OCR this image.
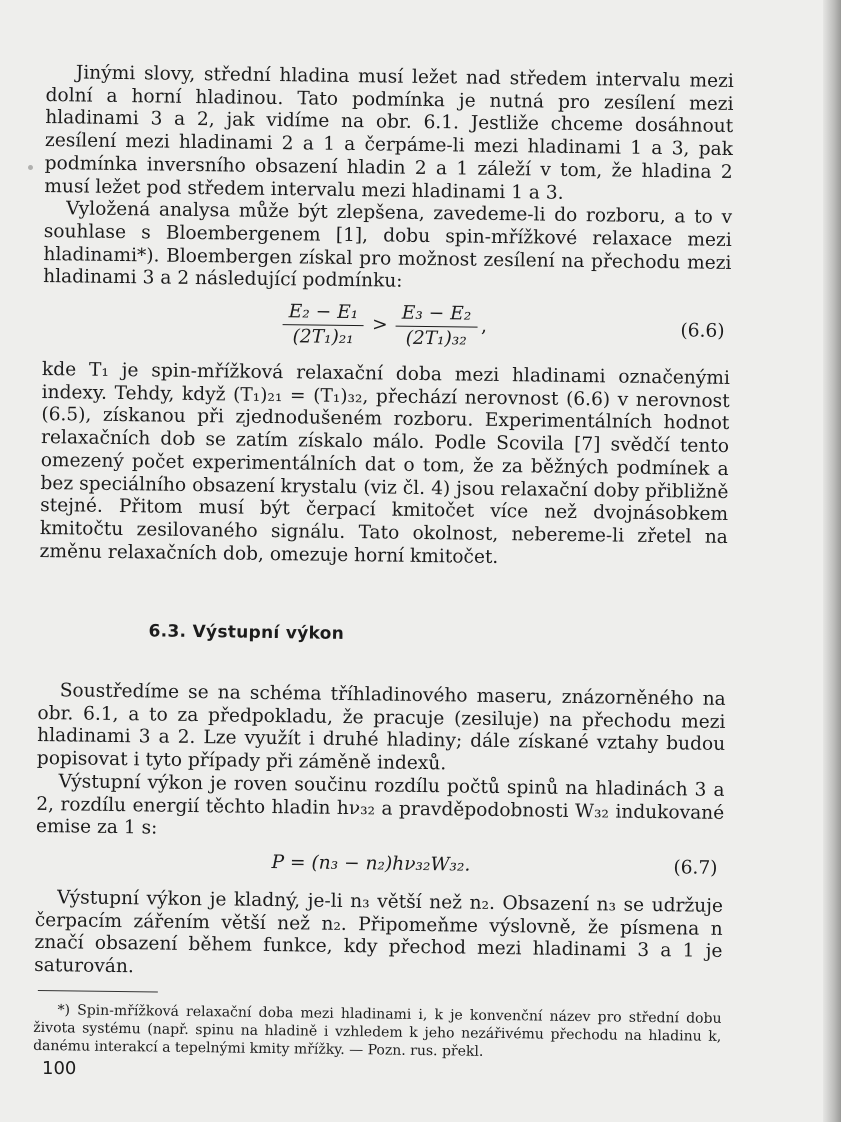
Jinými slovy, střední hladina musí ležet nad středem intervalu mezi dolní a horní hladinou. Tato podmínka je nutná pro zesílení mezi hladinami 3 a 2, jak vidíme na obr. 6.1. Jestliže chceme dosáhnout zesílení mezi hladinami 2 a 1 a čerpáme-li mezi hladinami 1 a 3, pak podmínka inversního obsazení hladin 2 a 1 záleží v tom, že hladina 2 musí ležet pod středem intervalu mezi hladinami 1 a 3.

Vyložená analysa může být zlepšena, zavedeme-li do rozboru, a to v souhlase s Bloembergenem [1], dobu spin-mřížkové relaxace mezi hladinami*). Bloembergen získal pro možnost zesílení na přechodu mezi hladinami 3 a 2 následující podmínku:

$\frac{\text{E₂ − E₁}}{\text{(2T₁)₂₁}} > \frac{\text{E₃ − E₂}}{\text{(2T₁)₃₂}}$ ,	(6.6)

kde T₁ je spin-mřížková relaxační doba mezi hladinami označenými indexy. Tehdy, když (T₁)₂₁ = (T₁)₃₂, přechází nerovnost (6.6) v nerovnost (6.5), získanou při zjednodušeném rozboru. Experimentálních hodnot relaxačních dob se zatím získalo málo. Podle Scovila [7] svědčí tento omezený počet experimentálních dat o tom, že za běžných podmínek a bez speciálního obsazení krystalu (viz čl. 4) jsou relaxační doby přibližně stejné. Přitom musí být čerpací kmitočet více než dvojnásobkem kmitočtu zesilovaného signálu. Tato okolnost, nebereme-li zřetel na změnu relaxačních dob, omezuje horní kmitočet.

6.3. Výstupní výkon

Soustředíme se na schéma tříhladinového maseru, znázorněného na obr. 6.1, a to za předpokladu, že pracuje (zesiluje) na přechodu mezi hladinami 3 a 2. Lze využít i druhé hladiny; dále získané vztahy budou popisovat i tyto případy při záměně indexů.

Výstupní výkon je roven součinu rozdílu počtů spinů na hladinách 3 a 2, rozdílu energií těchto hladin hν₃₂ a pravděpodobnosti W₃₂ indukované emise za 1 s:

P = (n₃ − n₂)hν₃₂W₃₂.	(6.7)

Výstupní výkon je kladný, je-li n₃ větší než n₂. Obsazení n₃ se udržuje čerpacím zářením větší než n₂. Připomeňme výslovně, že písmena n značí obsazení během funkce, kdy přechod mezi hladinami 3 a 1 je saturován.

*) Spin-mřížková relaxační doba mezi hladinami i, k je konvenční název pro střední dobu života systému (např. spinu na hladině i vzhledem k jeho nezářivému přechodu na hladinu k, danému interakcí a tepelnými kmity mřížky. — Pozn. rus. překl.

100
